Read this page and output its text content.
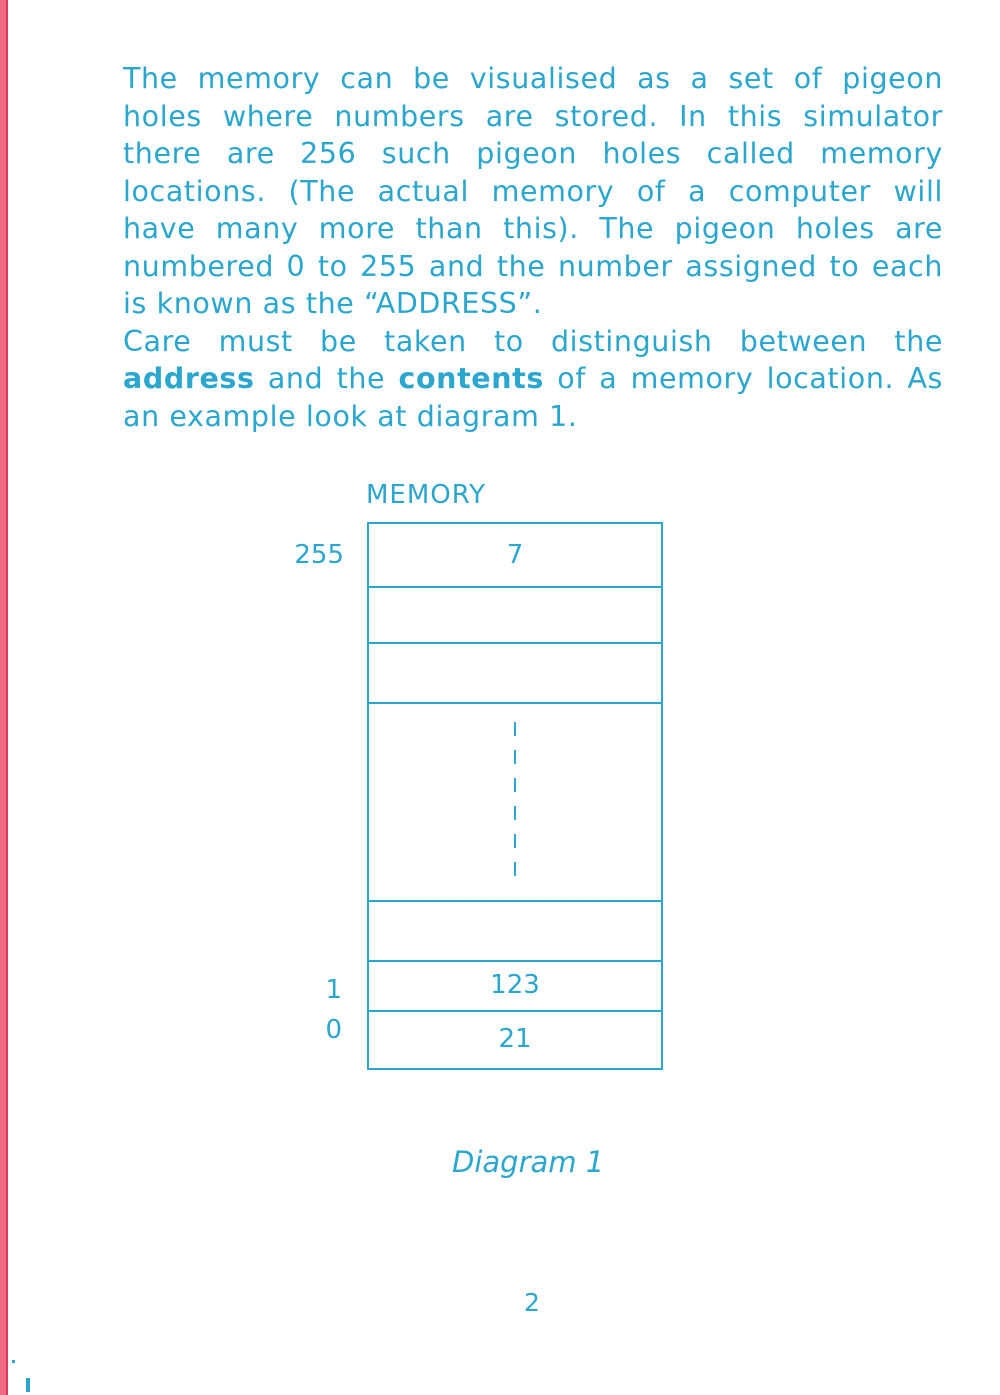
The memory can be visualised as a set of pigeon
holes where numbers are stored. In this simulator
there are 256 such pigeon holes called memory
locations. (The actual memory of a computer will
have many more than this). The pigeon holes are
numbered 0 to 255 and the number assigned to each
is known as the “ADDRESS”.

Care must be taken to distinguish between the
address and the contents of a memory location. As
an example look at diagram 1.

MEMORY
255
1
0
7
123
21
Diagram 1
2
